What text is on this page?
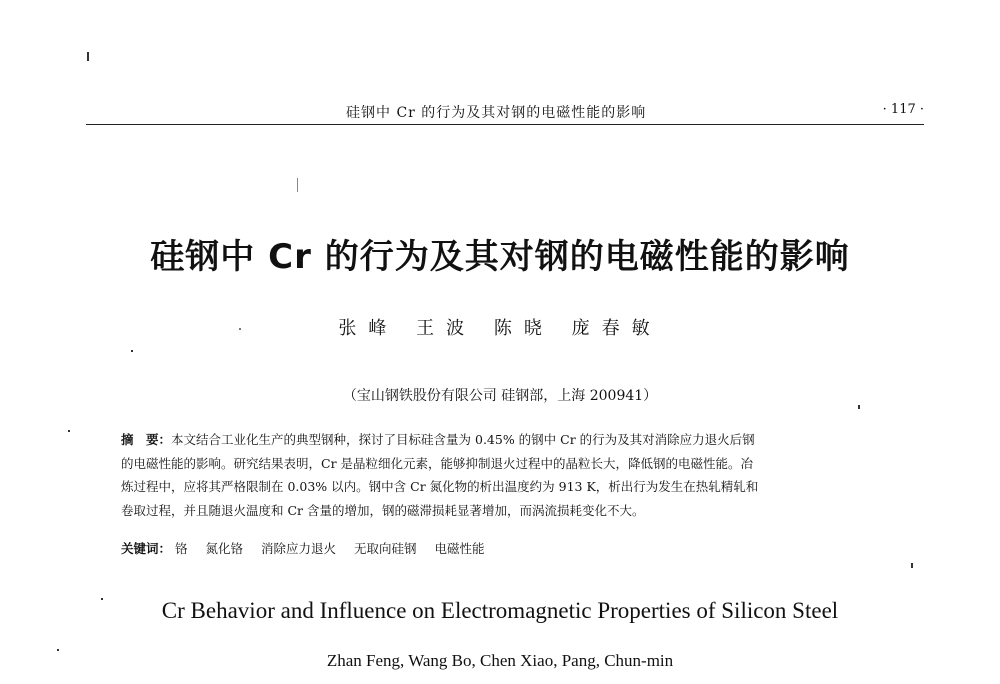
硅钢中 Cr 的行为及其对钢的电磁性能的影响	· 117 ·
硅钢中 Cr 的行为及其对钢的电磁性能的影响
张峰 王波 陈晓 庞春敏
（宝山钢铁股份有限公司 硅钢部，上海 200941）
摘　要：本文结合工业化生产的典型钢种，探讨了目标硅含量为 0.45% 的钢中 Cr 的行为及其对消除应力退火后钢
的电磁性能的影响。研究结果表明，Cr 是晶粒细化元素，能够抑制退火过程中的晶粒长大，降低钢的电磁性能。冶
炼过程中，应将其严格限制在 0.03% 以内。钢中含 Cr 氮化物的析出温度约为 913 K，析出行为发生在热轧精轧和
卷取过程，并且随退火温度和 Cr 含量的增加，钢的磁滞损耗显著增加，而涡流损耗变化不大。
关键词： 铬 氮化铬 消除应力退火 无取向硅钢 电磁性能
Cr Behavior and Influence on Electromagnetic Properties of Silicon Steel
Zhan Feng, Wang Bo, Chen Xiao, Pang, Chun-min
